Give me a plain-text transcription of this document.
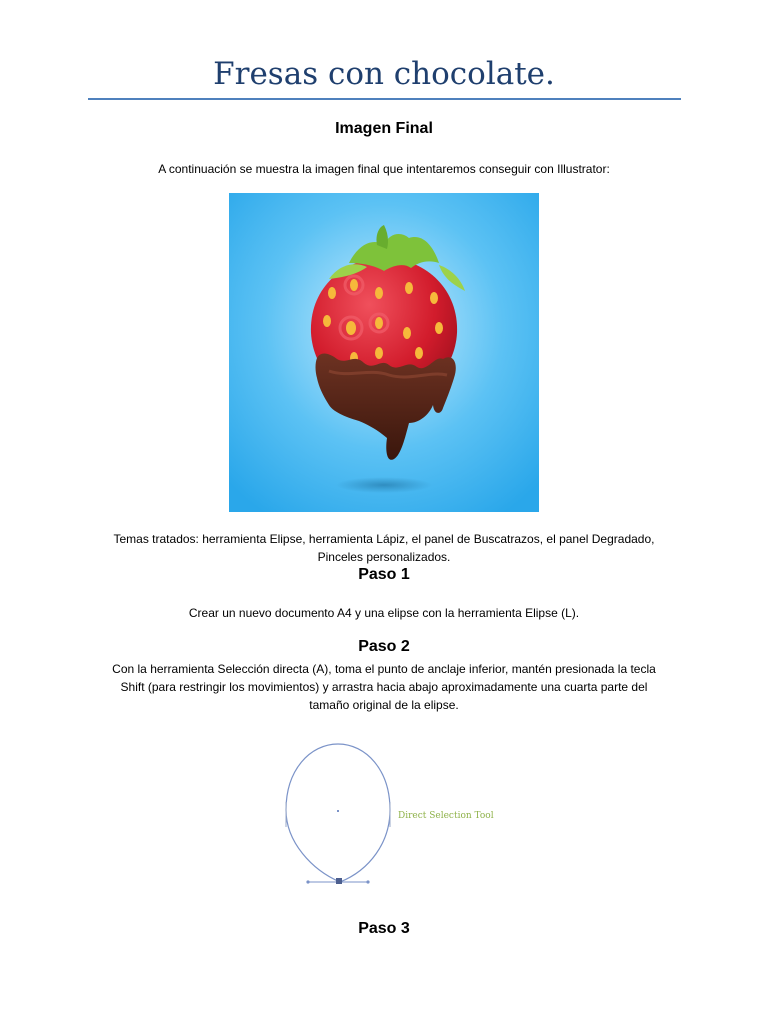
Fresas con chocolate.
Imagen Final
A continuación se muestra la imagen final que intentaremos conseguir con Illustrator:
Temas tratados: herramienta Elipse, herramienta Lápiz, el panel de Buscatrazos, el panel Degradado,
Pinceles personalizados.
Paso 1
Crear un nuevo documento A4 y una elipse con la herramienta Elipse (L).
Paso 2
Con la herramienta Selección directa (A), toma el punto de anclaje inferior, mantén presionada la tecla
Shift (para restringir los movimientos) y arrastra hacia abajo aproximadamente una cuarta parte del
tamaño original de la elipse.
Direct Selection Tool
Paso 3
